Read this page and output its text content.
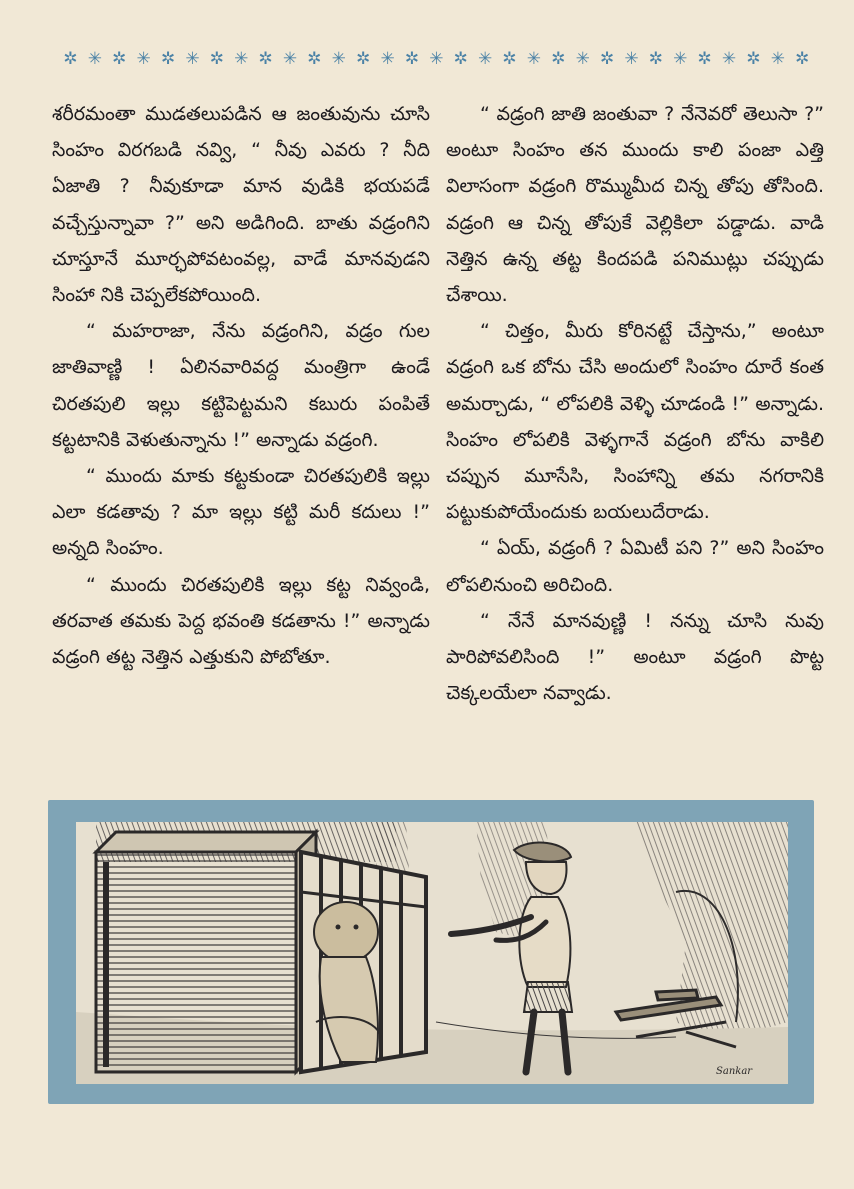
✲ ✳ ✲ ✳ ✲ ✳ ✲ ✳ ✲ ✳ ✲ ✳ ✲ ✳ ✲ ✳ ✲ ✳ ✲ ✳ ✲ ✳ ✲ ✳ ✲ ✳ ✲ ✳ ✲ ✳ ✲

శరీరమంతా ముడతలుపడిన ఆ జంతువును చూసి సింహం విరగబడి నవ్వి, “ నీవు ఎవరు ? నీది ఏజాతి ? నీవుకూడా మాన వుడికి భయపడే వచ్చేస్తున్నావా ?” అని అడిగింది. బాతు వడ్రంగిని చూస్తూనే మూర్ఛపోవటంవల్ల, వాడే మానవుడని సింహా నికి చెప్పలేకపోయింది.

“ మహరాజా, నేను వడ్రంగిని, వడ్రం గుల జాతివాణ్ణి ! ఏలినవారివద్ద మంత్రిగా ఉండే చిరతపులి ఇల్లు కట్టిపెట్టమని కబురు పంపితే కట్టటానికి వెళుతున్నాను !” అన్నాడు వడ్రంగి.

“ ముందు మాకు కట్టకుండా చిరతపులికి ఇల్లు ఎలా కడతావు ? మా ఇల్లు కట్టి మరీ కదులు !” అన్నది సింహం.

“ ముందు చిరతపులికి ఇల్లు కట్ట నివ్వండి, తరవాత తమకు పెద్ద భవంతి కడతాను !” అన్నాడు వడ్రంగి తట్ట నెత్తిన ఎత్తుకుని పోబోతూ.

“ వడ్రంగి జాతి జంతువా ? నేనెవరో తెలుసా ?” అంటూ సింహం తన ముందు కాలి పంజా ఎత్తి విలాసంగా వడ్రంగి రొమ్ముమీద చిన్న తోపు తోసింది. వడ్రంగి ఆ చిన్న తోపుకే వెల్లికిలా పడ్డాడు. వాడి నెత్తిన ఉన్న తట్ట కిందపడి పనిముట్లు చప్పుడు చేశాయి.

“ చిత్తం, మీరు కోరినట్టే చేస్తాను,” అంటూ వడ్రంగి ఒక బోను చేసి అందులో సింహం దూరే కంత అమర్చాడు, “ లోపలికి వెళ్ళి చూడండి !” అన్నాడు. సింహం లోపలికి వెళ్ళగానే వడ్రంగి బోను వాకిలి చప్పున మూసేసి, సింహాన్ని తమ నగరానికి పట్టుకుపోయేందుకు బయలుదేరాడు.

“ ఏయ్, వడ్రంగీ ? ఏమిటీ పని ?” అని సింహం లోపలినుంచి అరిచింది.

“ నేనే మానవుణ్ణి ! నన్ను చూసి నువు పారిపోవలిసింది !” అంటూ వడ్రంగి పొట్ట చెక్కలయేలా నవ్వాడు.

Sankar
